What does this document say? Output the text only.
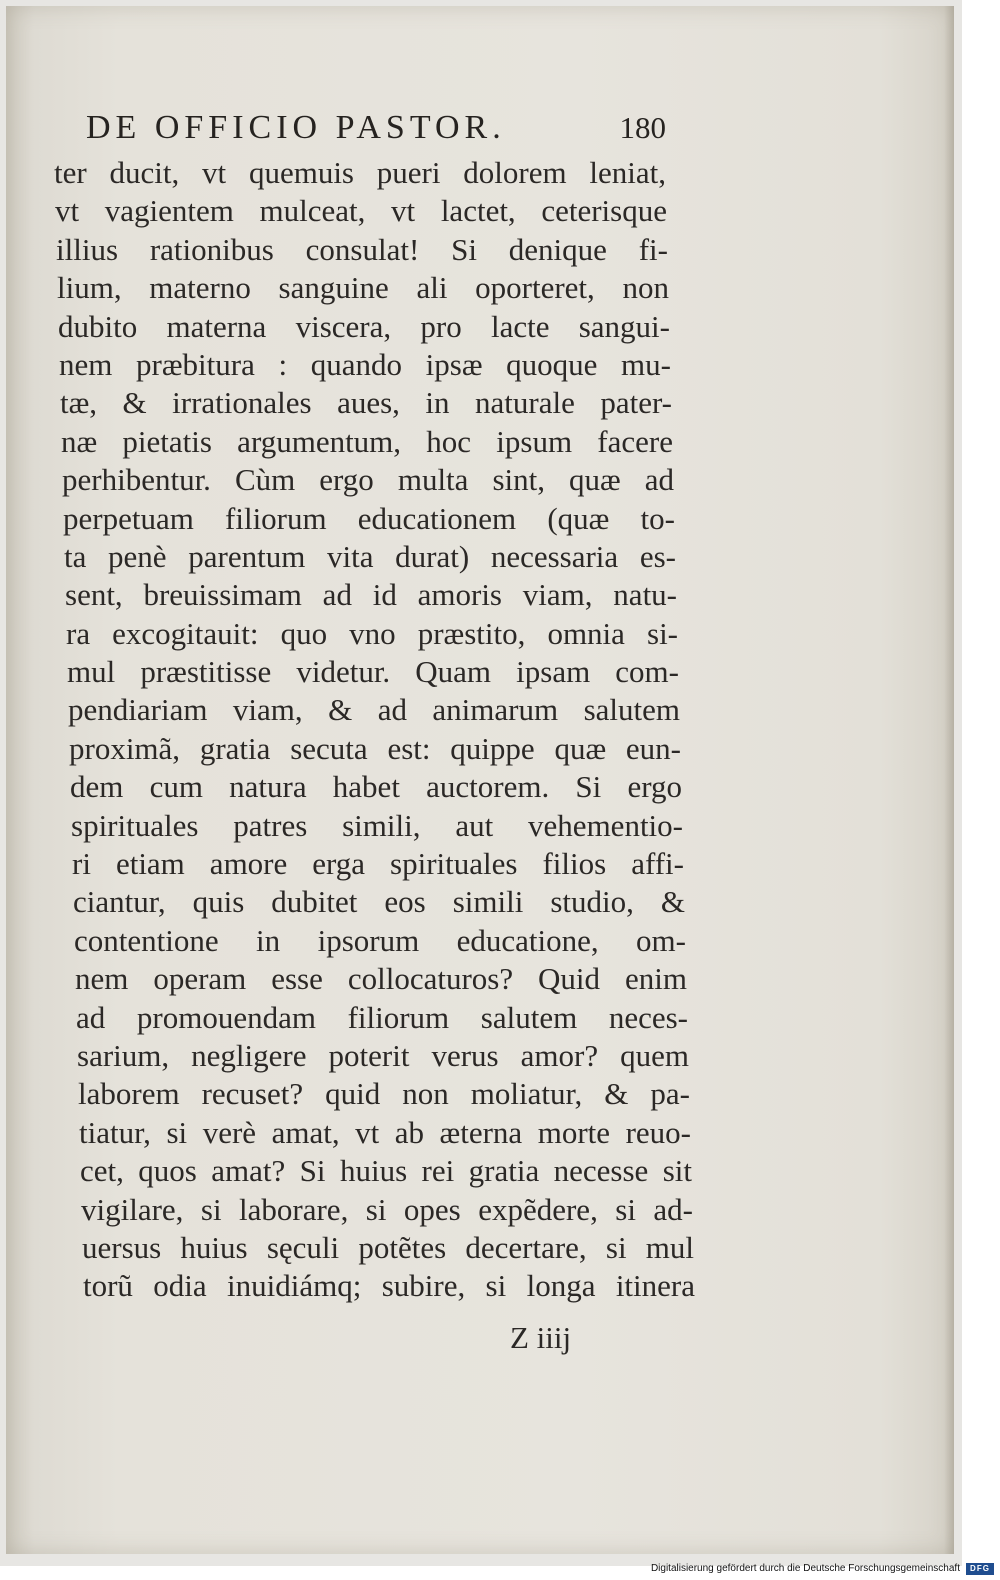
DE OFFICIO PASTOR.	180
ter ducit, vt quemuis pueri dolorem leniat,
vt vagientem mulceat, vt lactet, ceterisque
illius rationibus consulat! Si denique fi-
lium, materno sanguine ali oporteret, non
dubito materna viscera, pro lacte sangui-
nem præbitura : quando ipsæ quoque mu-
tæ, & irrationales aues, in naturale pater-
næ pietatis argumentum, hoc ipsum facere
perhibentur. Cùm ergo multa sint, quæ ad
perpetuam filiorum educationem (quæ to-
ta penè parentum vita durat) necessaria es-
sent, breuissimam ad id amoris viam, natu-
ra excogitauit: quo vno præstito, omnia si-
mul præstitisse videtur. Quam ipsam com-
pendiariam viam, & ad animarum salutem
proximã, gratia secuta est: quippe quæ eun-
dem cum natura habet auctorem. Si ergo
spirituales patres simili, aut vehementio-
ri etiam amore erga spirituales filios affi-
ciantur, quis dubitet eos simili studio, &
contentione in ipsorum educatione, om-
nem operam esse collocaturos? Quid enim
ad promouendam filiorum salutem neces-
sarium, negligere poterit verus amor? quem
laborem recuset? quid non moliatur, & pa-
tiatur, si verè amat, vt ab æterna morte reuo-
cet, quos amat? Si huius rei gratia necesse sit
vigilare, si laborare, si opes expẽdere, si ad-
uersus huius sęculi potẽtes decertare, si mul
torũ odia inuidiámq; subire, si longa itinera
Z iiij
Digitalisierung gefördert durch die Deutsche Forschungsgemeinschaft	DFG
